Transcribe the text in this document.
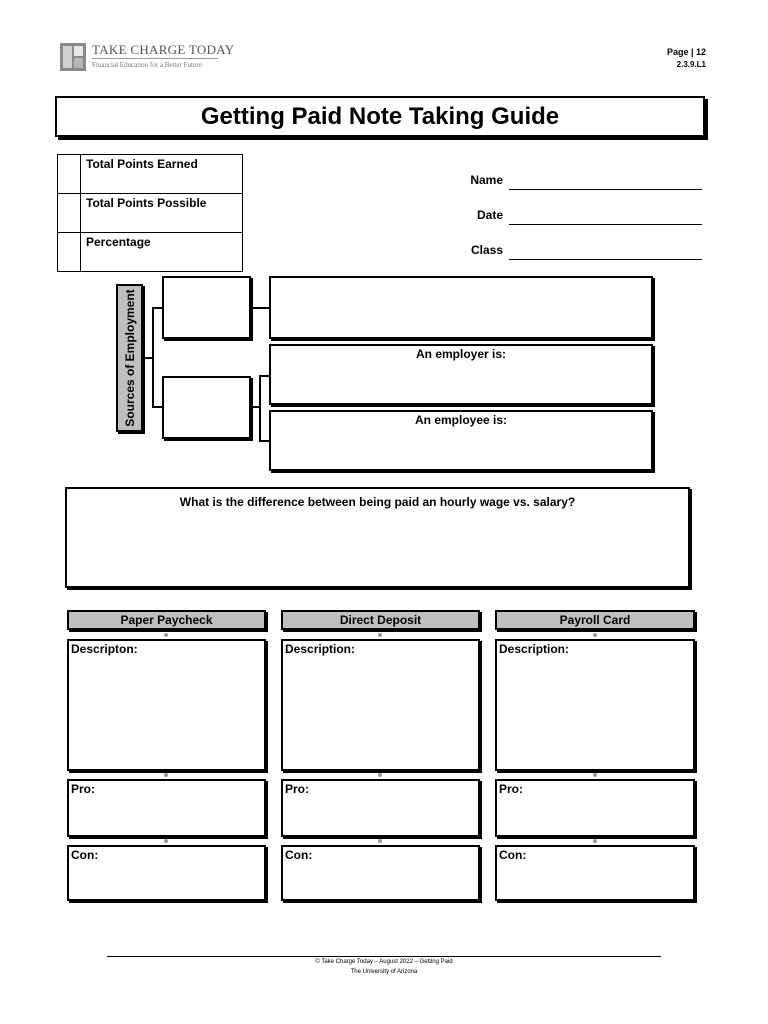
TAKE CHARGE TODAY
Financial Education for a Better Future
Page | 12
2.3.9.L1
Getting Paid Note Taking Guide
	Total Points Earned
	Total Points Possible
	Percentage
Name
Date
Class
Sources of Employment	An employer is:
An employee is:
What is the difference between being paid an hourly wage vs. salary?
Paper Paycheck
Descripton:
Pro:
Con:
Direct Deposit
Description:
Pro:
Con:
Payroll Card
Description:
Pro:
Con:
© Take Charge Today – August 2022 – Getting Paid
The University of Arizona
